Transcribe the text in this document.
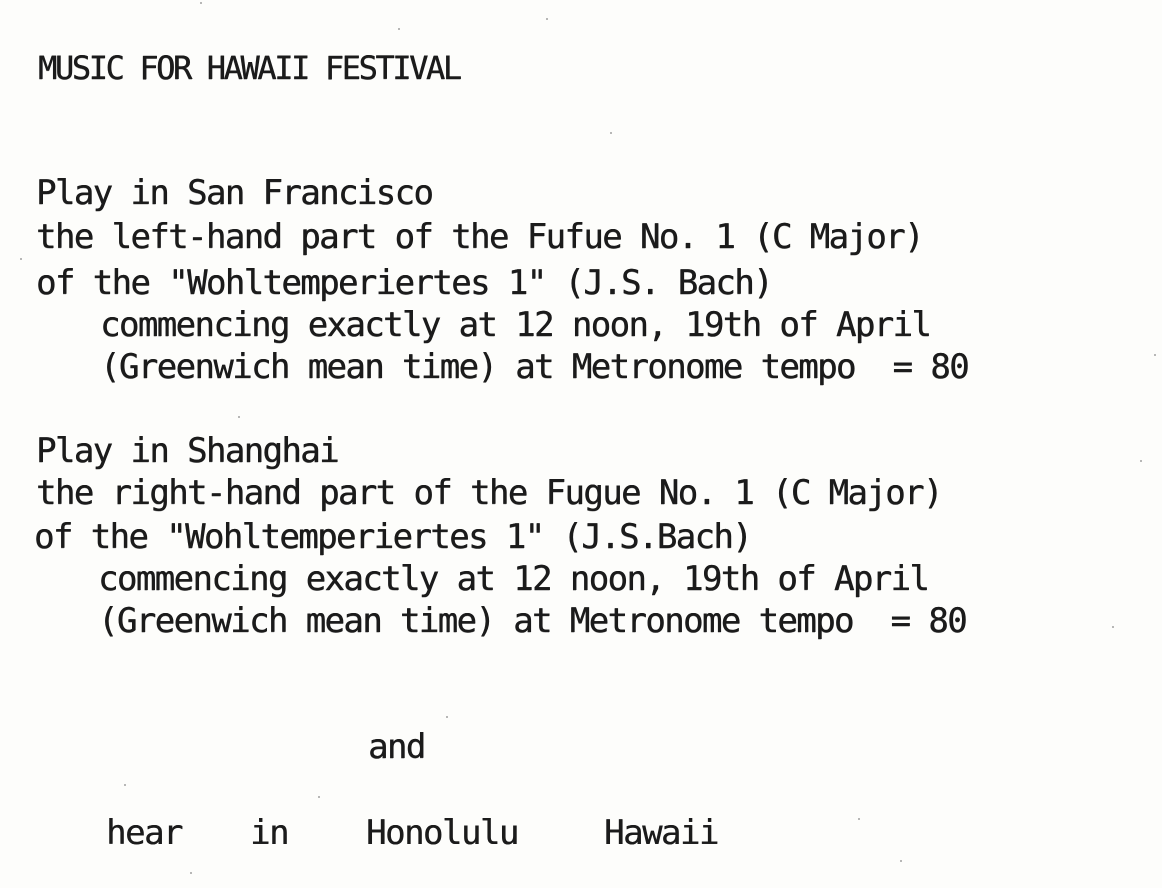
MUSIC FOR HAWAII FESTIVAL
Play in San Francisco
the left-hand part of the Fufue No. 1 (C Major)
of the "Wohltemperiertes 1" (J.S. Bach)
commencing exactly at 12 noon, 19th of April
(Greenwich mean time) at Metronome tempo  = 80
Play in Shanghai
the right-hand part of the Fugue No. 1 (C Major)
of the "Wohltemperiertes 1" (J.S.Bach)
commencing exactly at 12 noon, 19th of April
(Greenwich mean time) at Metronome tempo  = 80
and
hear in Honolulu	Hawaii
